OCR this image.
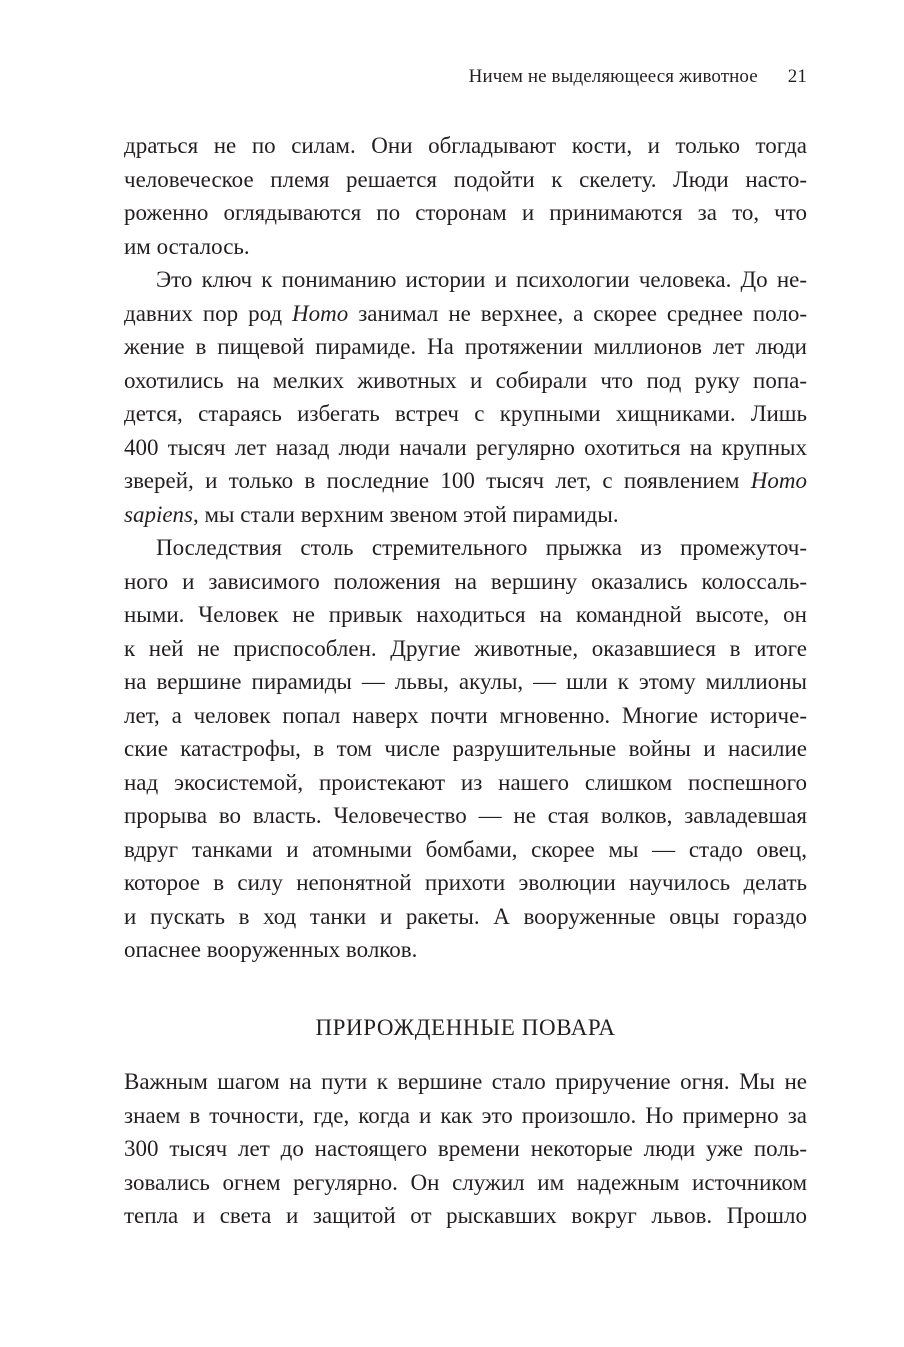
Ничем не выделяющееся животное 21
драться не по силам. Они обгладывают кости, и только тогда
человеческое племя решается подойти к скелету. Люди насто-
роженно оглядываются по сторонам и принимаются за то, что
им осталось.
Это ключ к пониманию истории и психологии человека. До не-
давних пор род Homo занимал не верхнее, а скорее среднее поло-
жение в пищевой пирамиде. На протяжении миллионов лет люди
охотились на мелких животных и собирали что под руку попа-
дется, стараясь избегать встреч с крупными хищниками. Лишь
400 тысяч лет назад люди начали регулярно охотиться на крупных
зверей, и только в последние 100 тысяч лет, с появлением Homo
sapiens, мы стали верхним звеном этой пирамиды.
Последствия столь стремительного прыжка из промежуточ-
ного и зависимого положения на вершину оказались колоссаль-
ными. Человек не привык находиться на командной высоте, он
к ней не приспособлен. Другие животные, оказавшиеся в итоге
на вершине пирамиды — львы, акулы, — шли к этому миллионы
лет, а человек попал наверх почти мгновенно. Многие историче-
ские катастрофы, в том числе разрушительные войны и насилие
над экосистемой, проистекают из нашего слишком поспешного
прорыва во власть. Человечество — не стая волков, завладевшая
вдруг танками и атомными бомбами, скорее мы — стадо овец,
которое в силу непонятной прихоти эволюции научилось делать
и пускать в ход танки и ракеты. А вооруженные овцы гораздо
опаснее вооруженных волков.
ПРИРОЖДЕННЫЕ ПОВАРА
Важным шагом на пути к вершине стало приручение огня. Мы не
знаем в точности, где, когда и как это произошло. Но примерно за
300 тысяч лет до настоящего времени некоторые люди уже поль-
зовались огнем регулярно. Он служил им надежным источником
тепла и света и защитой от рыскавших вокруг львов. Прошло
